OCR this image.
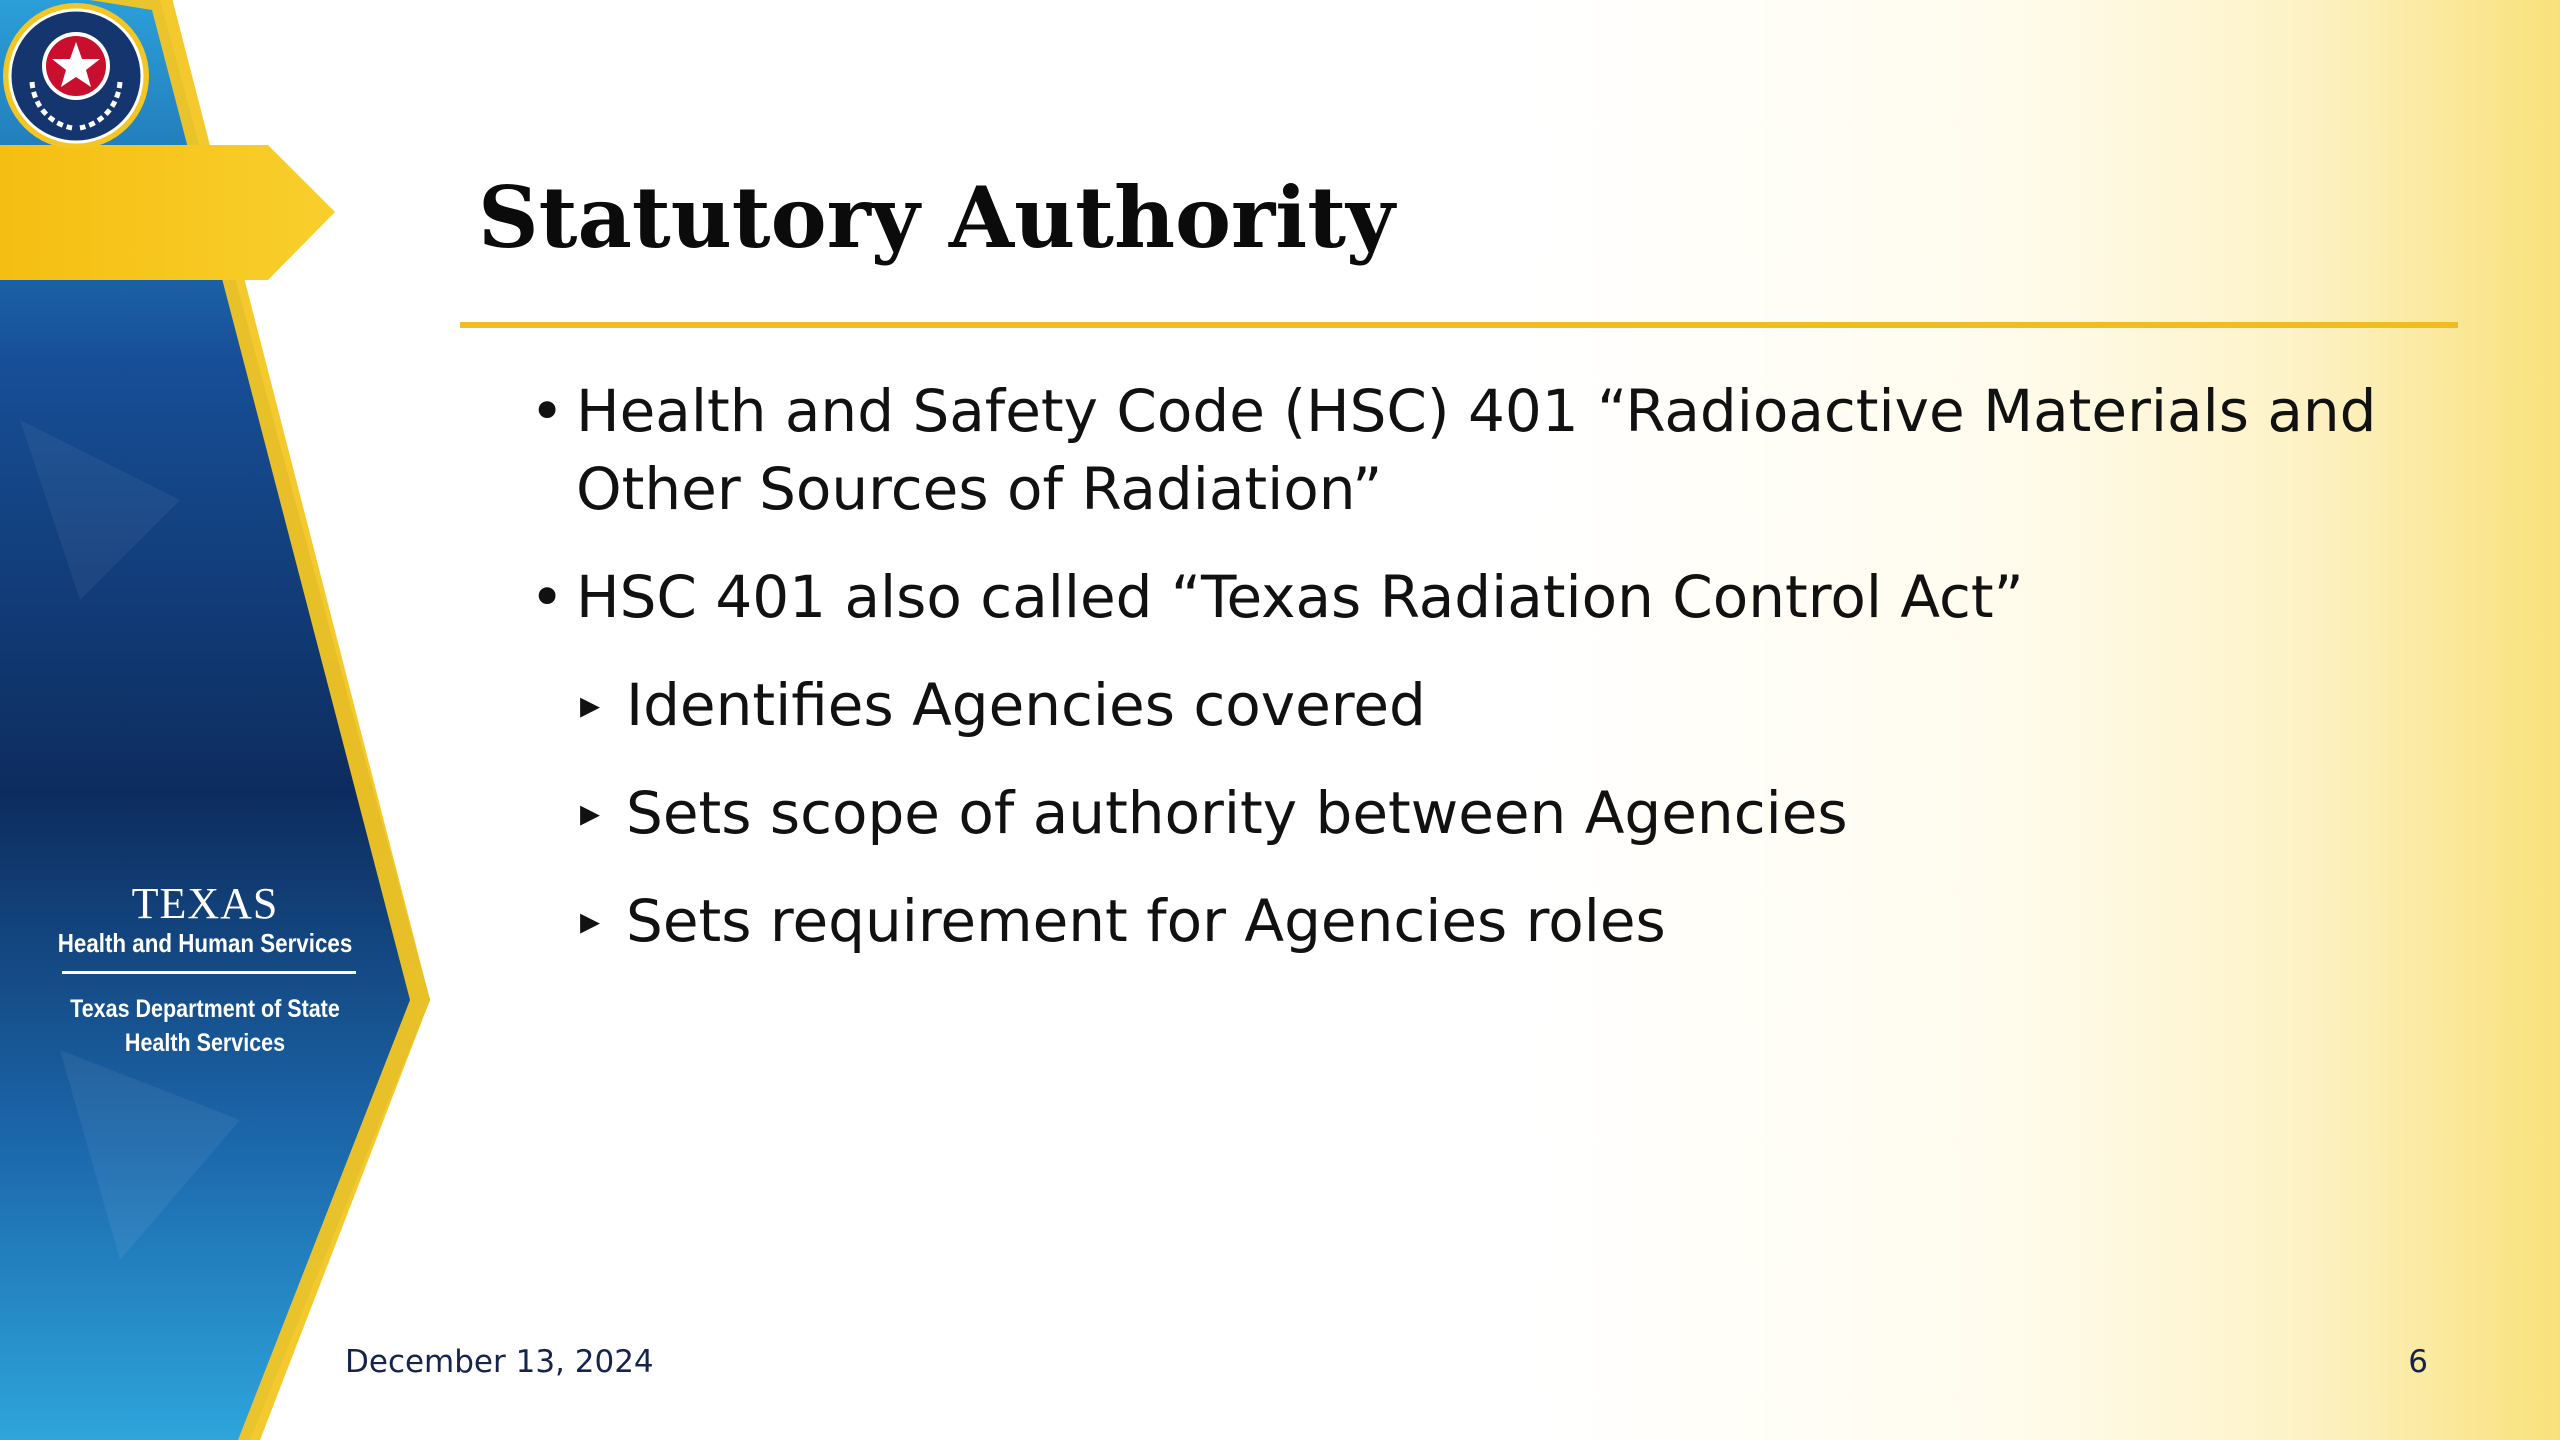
TEXAS
Health and Human Services
Texas Department of State
Health Services
Statutory Authority
• Health and Safety Code (HSC) 401 “Radioactive Materials and Other Sources of Radiation”
• HSC 401 also called “Texas Radiation Control Act”
▸ Identifies Agencies covered
▸ Sets scope of authority between Agencies
▸ Sets requirement for Agencies roles
December 13, 2024	6
